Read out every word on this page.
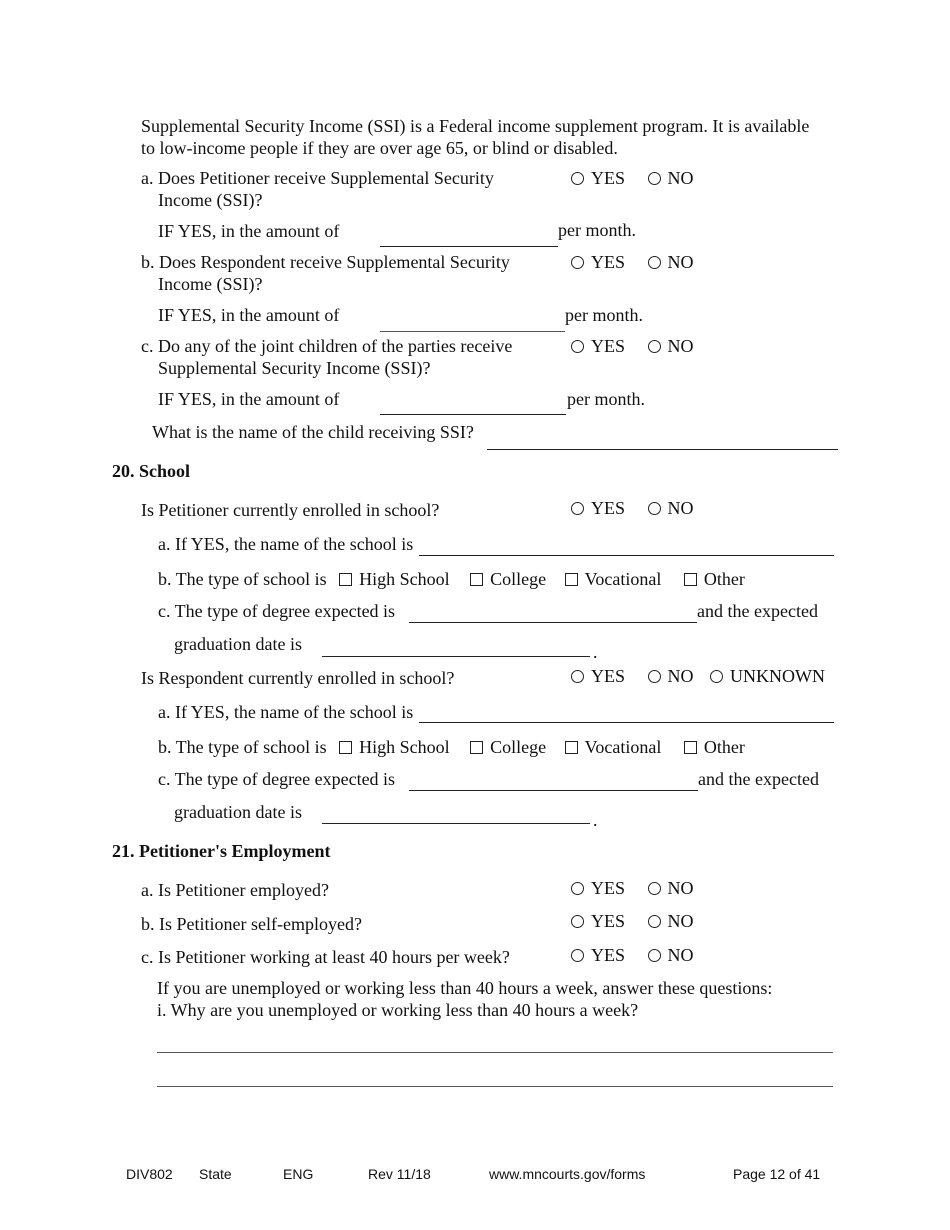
Supplemental Security Income (SSI) is a Federal income supplement program. It is available
to low-income people if they are over age 65, or blind or disabled.
a. Does Petitioner receive Supplemental Security
Income (SSI)?
YES NO
IF YES, in the amount of	per month.
b. Does Respondent receive Supplemental Security
Income (SSI)?
YES NO
IF YES, in the amount of	per month.
c. Do any of the joint children of the parties receive
Supplemental Security Income (SSI)?
YES NO
IF YES, in the amount of	per month.
What is the name of the child receiving SSI?
20. School
Is Petitioner currently enrolled in school?	YES NO
a. If YES, the name of the school is
b. The type of school is High School College Vocational Other
c. The type of degree expected is	and the expected
graduation date is	.
Is Respondent currently enrolled in school?	YES NO UNKNOWN
a. If YES, the name of the school is
b. The type of school is High School College Vocational Other
c. The type of degree expected is	and the expected
graduation date is	.
21. Petitioner's Employment
a. Is Petitioner employed?	YES NO
b. Is Petitioner self-employed?	YES NO
c. Is Petitioner working at least 40 hours per week?	YES NO
If you are unemployed or working less than 40 hours a week, answer these questions:
i. Why are you unemployed or working less than 40 hours a week?
DIV802 State	ENG	Rev 11/18	www.mncourts.gov/forms	Page 12 of 41
